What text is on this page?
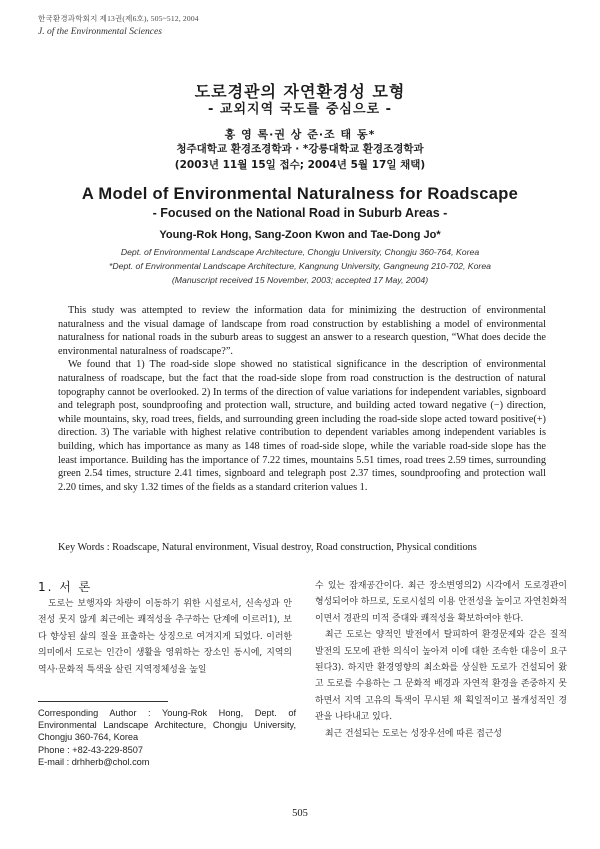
한국환경과학회지 제13권(제6호), 505~512, 2004
J. of the Environmental Sciences
도로경관의 자연환경성 모형
- 교외지역 국도를 중심으로 -
홍 영 록·권 상 준·조 태 동*
청주대학교 환경조경학과 · *강릉대학교 환경조경학과
(2003년 11월 15일 접수; 2004년 5월 17일 채택)
A Model of Environmental Naturalness for Roadscape
- Focused on the National Road in Suburb Areas -
Young-Rok Hong, Sang-Zoon Kwon and Tae-Dong Jo*
Dept. of Environmental Landscape Architecture, Chongju University, Chongju 360-764, Korea
*Dept. of Environmental Landscape Architecture, Kangnung University, Gangneung 210-702, Korea
(Manuscript received 15 November, 2003; accepted 17 May, 2004)

This study was attempted to review the information data for minimizing the destruction of environmental naturalness and the visual damage of landscape from road construction by establishing a model of environmental naturalness for national roads in the suburb areas to suggest an answer to a research question, “What does decide the environmental naturalness of roadscape?”.

We found that 1) The road-side slope showed no statistical significance in the description of environmental naturalness of roadscape, but the fact that the road-side slope from road construction is the destruction of natural topography cannot be overlooked. 2) In terms of the direction of value variations for independent variables, signboard and telegraph post, soundproofing and protection wall, structure, and building acted toward negative (−) direction, while mountains, sky, road trees, fields, and surrounding green including the road-side slope acted toward positive(+) direction. 3) The variable with highest relative contribution to dependent variables among independent variables is building, which has importance as many as 148 times of road-side slope, while the variable road-side slope has the least importance. Building has the importance of 7.22 times, mountains 5.51 times, road trees 2.59 times, surrounding green 2.54 times, structure 2.41 times, signboard and telegraph post 2.37 times, soundproofing and protection wall 2.20 times, and sky 1.32 times of the fields as a standard criterion values 1.

Key Words : Roadscape, Natural environment, Visual destroy, Road construction, Physical conditions
1. 서 론
도로는 보행자와 차량이 이동하기 위한 시설로서, 신속성과 안전성 못지 않게 최근에는 쾌적성을 추구하는 단계에 이르러1), 보다 향상된 삶의 질을 표출하는 상징으로 여겨지게 되었다. 이러한 의미에서 도로는 인간이 생활을 영위하는 장소인 동시에, 지역의 역사·문화적 특색을 살린 지역정체성을 높일
Corresponding Author : Young-Rok Hong, Dept. of Environmental Landscape Architecture, Chongju University, Chongju 360-764, Korea
Phone : +82-43-229-8507
E-mail : drhherb@chol.com
수 있는 잠재공간이다. 최근 장소변영의2) 시각에서 도로경관이 형성되어야 하므로, 도로시설의 이용 안전성을 높이고 자연친화적이면서 경관의 미적 증대와 쾌적성을 확보하여야 한다.
최근 도로는 양적인 발전에서 탈피하여 환경문제와 같은 질적 발전의 도모에 관한 의식이 높아져 이에 대한 조속한 대응이 요구된다3). 하지만 환경영향의 최소화를 상실한 도로가 건설되어 왔고 도로를 수용하는 그 문화적 배경과 자연적 환경을 존중하지 못하면서 지역 고유의 특색이 무시된 채 획일적이고 볼개성적인 경관을 나타내고 있다.
최근 건설되는 도로는 성장우선에 따른 접근성
505
